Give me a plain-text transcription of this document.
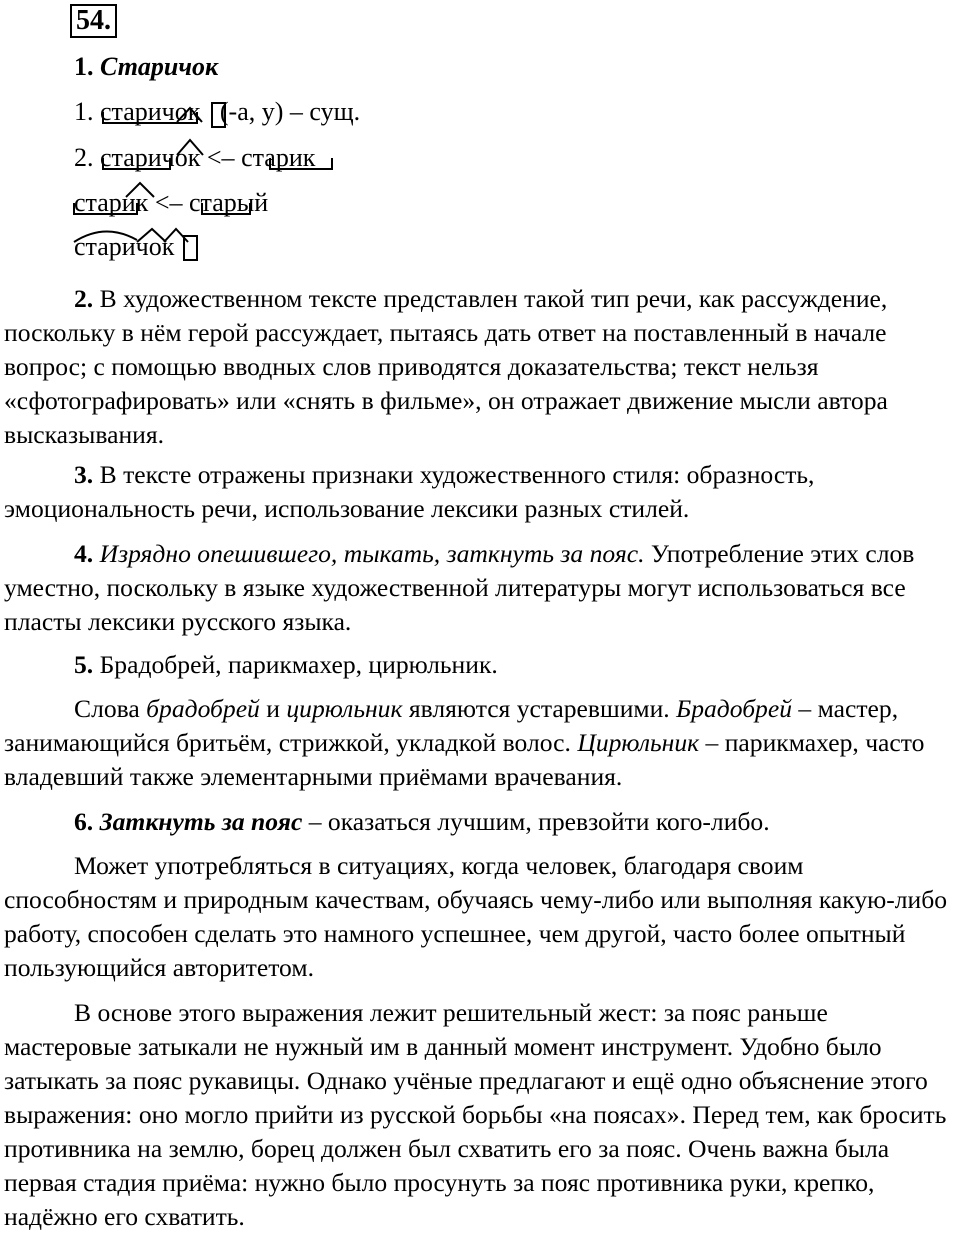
54.
1. Старичок
1. старичок (-а, у) – сущ.
2. старичок <– старик
старик <– старый
старичок

2. В художественном тексте представлен такой тип речи, как рассуждение, поскольку в нём герой рассуждает, пытаясь дать ответ на поставленный в начале вопрос; с помощью вводных слов приводятся доказательства; текст нельзя «сфотографировать» или «снять в фильме», он отражает движение мысли автора высказывания.

3. В тексте отражены признаки художественного стиля: образность, эмоциональность речи, использование лексики разных стилей.

4. Изрядно опешившего, тыкать, заткнуть за пояс. Употребление этих слов уместно, поскольку в языке художественной литературы могут использоваться все пласты лексики русского языка.

5. Брадобрей, парикмахер, цирюльник.

Слова брадобрей и цирюльник являются устаревшими. Брадобрей – мастер, занимающийся бритьём, стрижкой, укладкой волос. Цирюльник – парикмахер, часто владевший также элементарными приёмами врачевания.

6. Заткнуть за пояс – оказаться лучшим, превзойти кого-либо.

Может употребляться в ситуациях, когда человек, благодаря своим способностям и природным качествам, обучаясь чему-либо или выполняя какую-либо работу, способен сделать это намного успешнее, чем другой, часто более опытный пользующийся авторитетом.

В основе этого выражения лежит решительный жест: за пояс раньше мастеровые затыкали не нужный им в данный момент инструмент. Удобно было затыкать за пояс рукавицы. Однако учёные предлагают и ещё одно объяснение этого выражения: оно могло прийти из русской борьбы «на поясах». Перед тем, как бросить противника на землю, борец должен был схватить его за пояс. Очень важна была первая стадия приёма: нужно было просунуть за пояс противника руки, крепко, надёжно его схватить.
